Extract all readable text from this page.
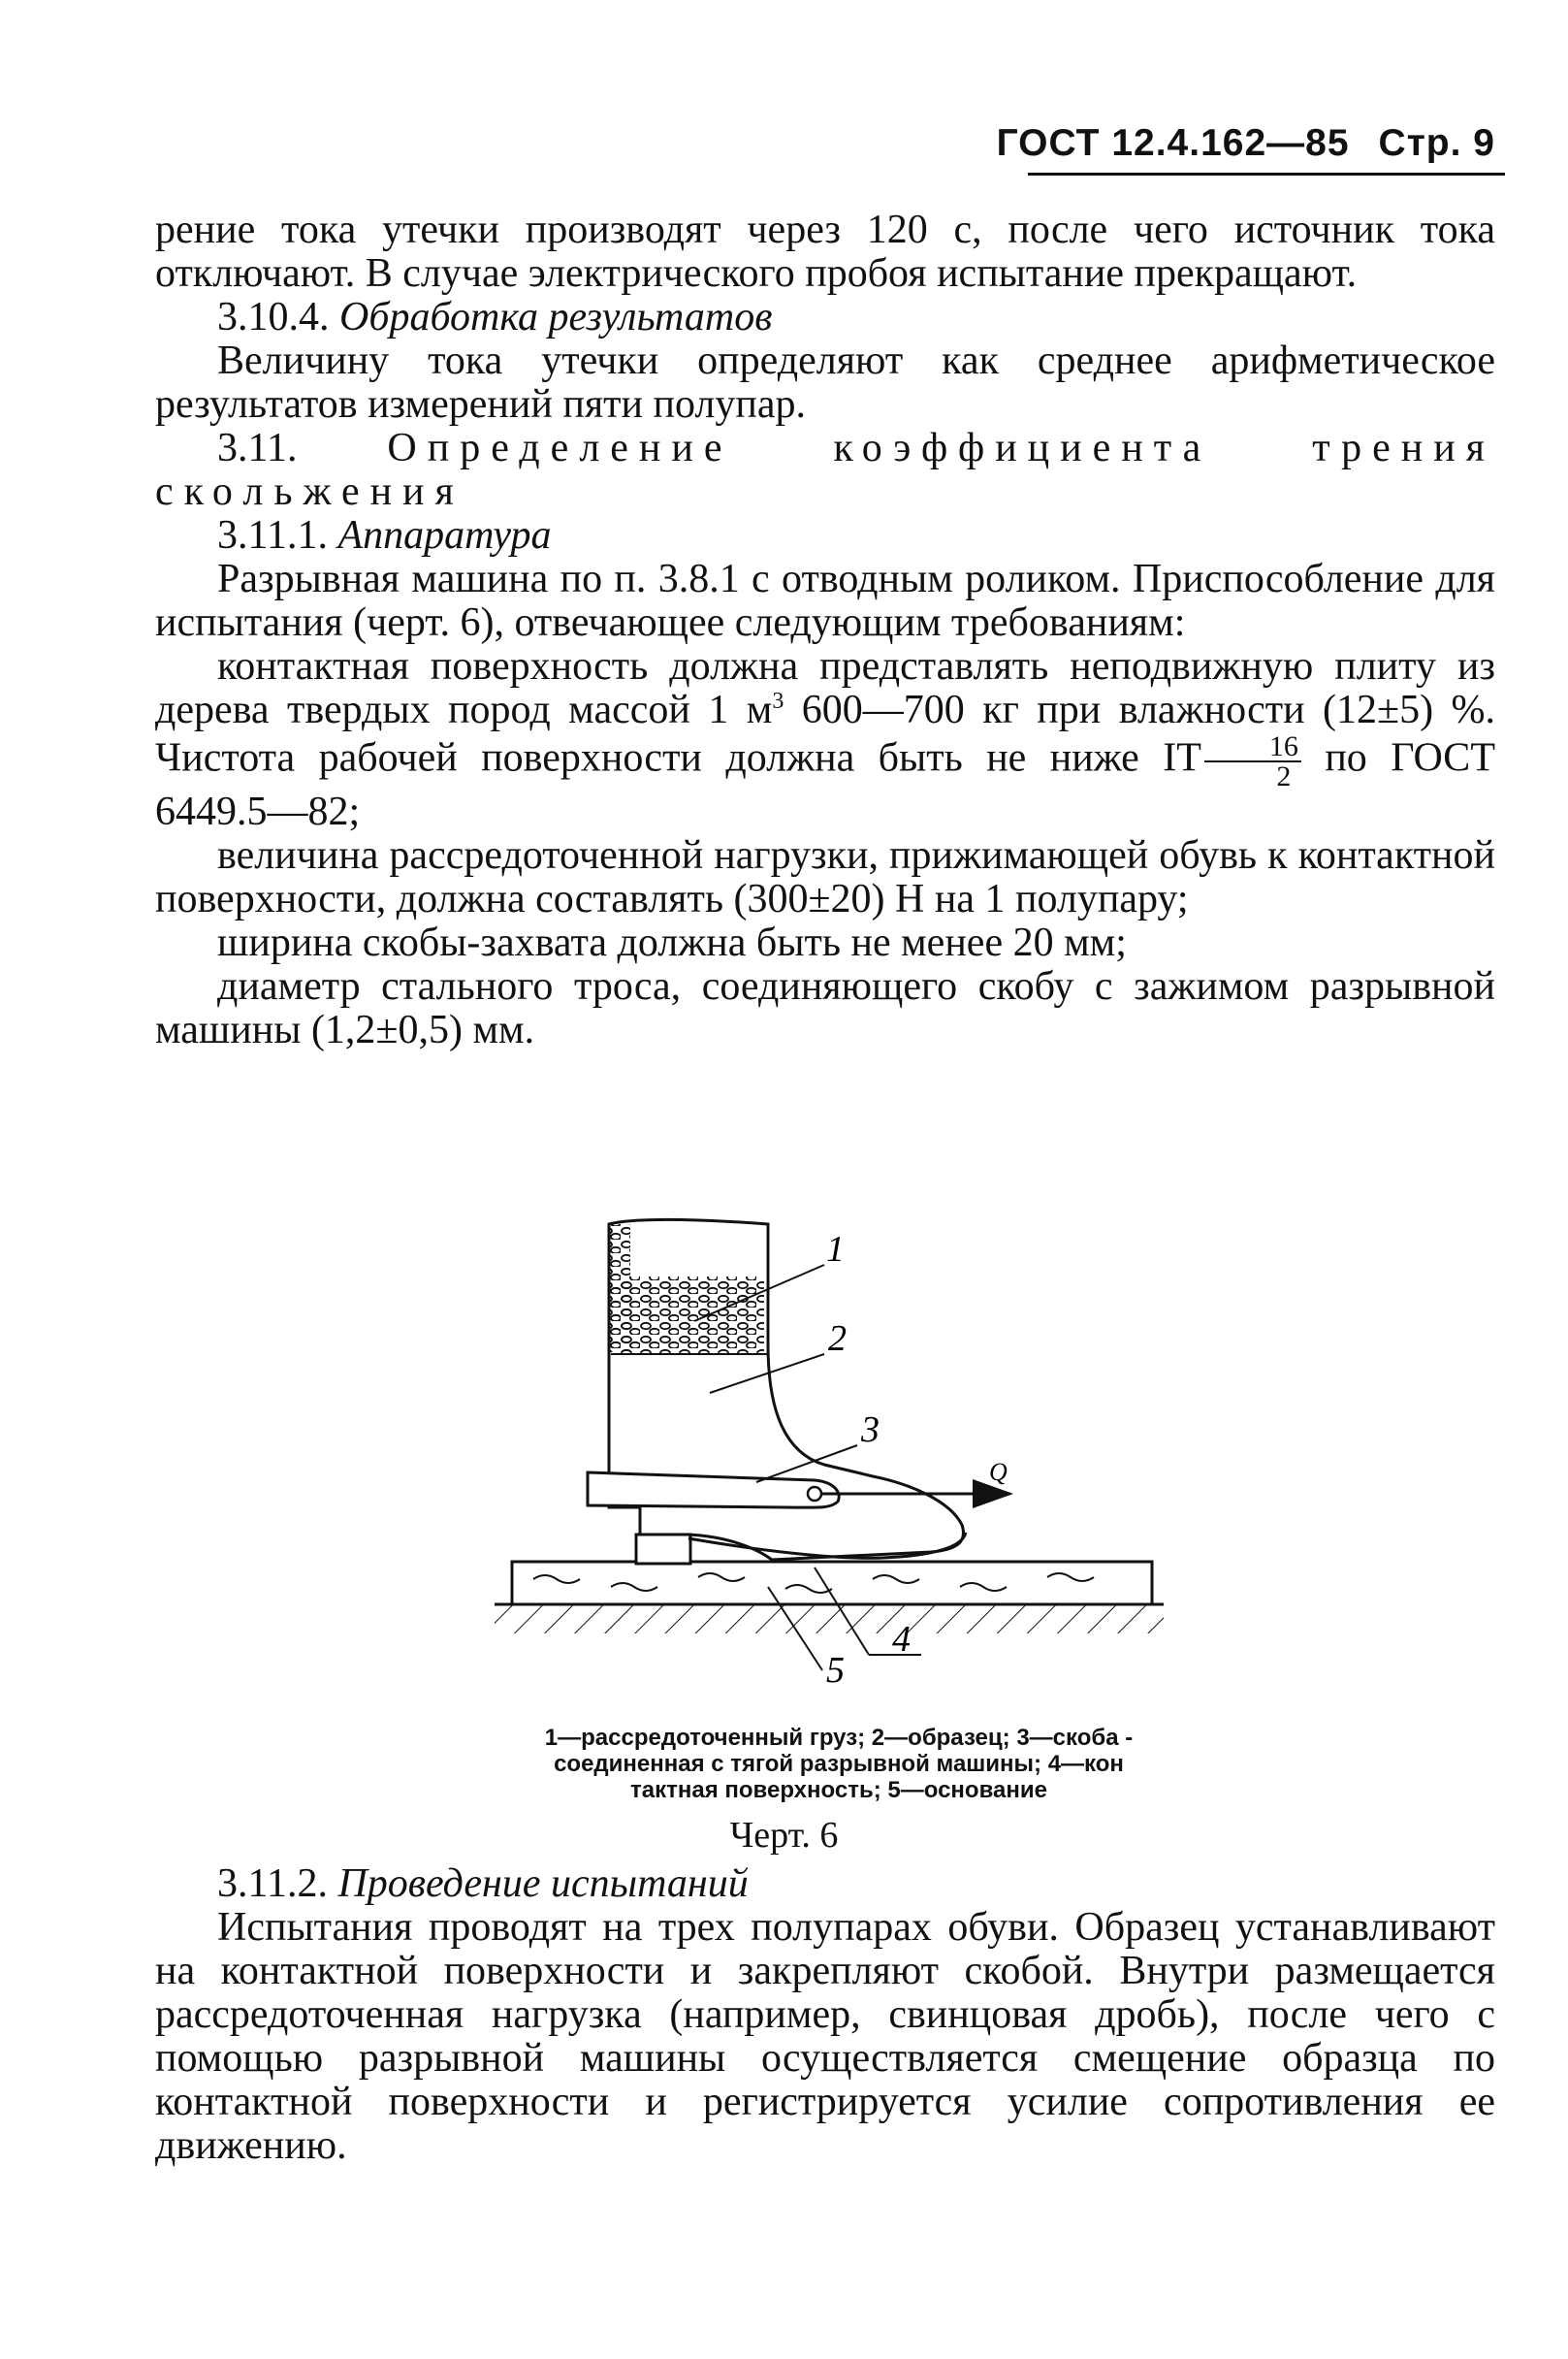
ГОСТ 12.4.162—85 Стр. 9

рение тока утечки производят через 120 с, после чего источник тока отключают. В случае электрического пробоя испытание прекращают.

3.10.4. Обработка результатов

Величину тока утечки определяют как среднее арифметическое результатов измерений пяти полупар.

3.11. Определение коэффициента трения скольжения

3.11.1. Аппаратура

Разрывная машина по п. 3.8.1 с отводным роликом. Приспособление для испытания (черт. 6), отвечающее следующим требованиям:

контактная поверхность должна представлять неподвижную плиту из дерева твердых пород массой 1 $м^3$ 600—700 кг при влажности (12±5) %. Чистота рабочей поверхности должна быть не ниже IT $\frac{16}{2}$ по ГОСТ 6449.5—82;

величина рассредоточенной нагрузки, прижимающей обувь к контактной поверхности, должна составлять (300±20) Н на 1 полупару;

ширина скобы-захвата должна быть не менее 20 мм;

диаметр стального троса, соединяющего скобу с зажимом разрывной машины (1,2±0,5) мм.

1
2
3
Q
4
5
1—рассредоточенный груз; 2—образец; 3—скоба -
соединенная с тягой разрывной машины; 4—кон
тактная поверхность; 5—основание
Черт. 6

3.11.2. Проведение испытаний

Испытания проводят на трех полупарах обуви. Образец устанавливают на контактной поверхности и закрепляют скобой. Внутри размещается рассредоточенная нагрузка (например, свинцовая дробь), после чего с помощью разрывной машины осуществляется смещение образца по контактной поверхности и регистрируется усилие сопротивления ее движению.
